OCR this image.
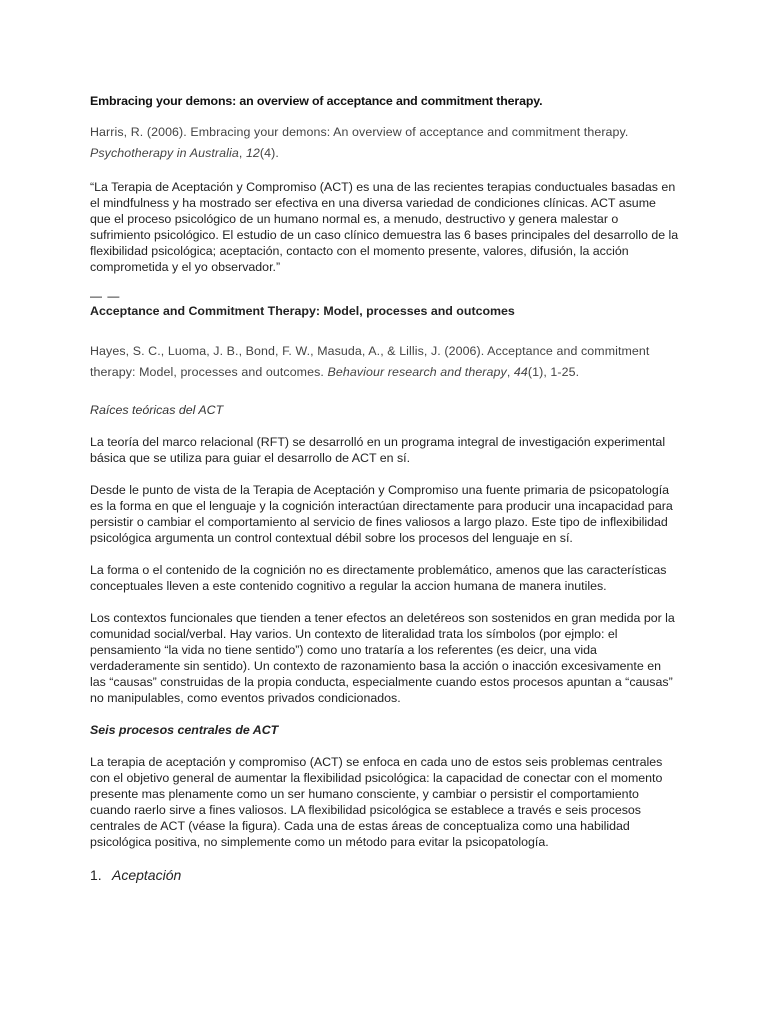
Embracing your demons: an overview of acceptance and commitment therapy.

Harris, R. (2006). Embracing your demons: An overview of acceptance and commitment therapy. Psychotherapy in Australia, 12(4).

“La Terapia de Aceptación y Compromiso (ACT) es una de las recientes terapias conductuales basadas en el mindfulness y ha mostrado ser efectiva en una diversa variedad de condiciones clínicas. ACT asume que el proceso psicológico de un humano normal es, a menudo, destructivo y genera malestar o sufrimiento psicológico. El estudio de un caso clínico demuestra las 6 bases principales del desarrollo de la flexibilidad psicológica; aceptación, contacto con el momento presente, valores, difusión, la acción comprometida y el yo observador.”

— —
Acceptance and Commitment Therapy: Model, processes and outcomes

Hayes, S. C., Luoma, J. B., Bond, F. W., Masuda, A., & Lillis, J. (2006). Acceptance and commitment therapy: Model, processes and outcomes. Behaviour research and therapy, 44(1), 1-25.

Raíces teóricas del ACT

La teoría del marco relacional (RFT) se desarrolló en un programa integral de investigación experimental básica que se utiliza para guiar el desarrollo de ACT en sí.

Desde le punto de vista de la Terapia de Aceptación y Compromiso una fuente primaria de psicopatología es la forma en que el lenguaje y la cognición interactúan directamente para producir una incapacidad para persistir o cambiar el comportamiento al servicio de fines valiosos a largo plazo. Este tipo de inflexibilidad psicológica argumenta un control contextual débil sobre los procesos del lenguaje en sí.

La forma o el contenido de la cognición no es directamente problemático, amenos que las características conceptuales lleven a este contenido cognitivo a regular la accion humana de manera inutiles.

Los contextos funcionales que tienden a tener efectos an deletéreos son sostenidos en gran medida por la comunidad social/verbal. Hay varios. Un contexto de literalidad trata los símbolos (por ejmplo: el pensamiento “la vida no tiene sentido”) como uno trataría a los referentes (es deicr, una vida verdaderamente sin sentido). Un contexto de razonamiento basa la acción o inacción excesivamente en las “causas” construidas de la propia conducta, especialmente cuando estos procesos apuntan a “causas” no manipulables, como eventos privados condicionados.

Seis procesos centrales de ACT

La terapia de aceptación y compromiso (ACT) se enfoca en cada uno de estos seis problemas centrales con el objetivo general de aumentar la flexibilidad psicológica: la capacidad de conectar con el momento presente mas plenamente como un ser humano consciente, y cambiar o persistir el comportamiento cuando raerlo sirve a fines valiosos. LA flexibilidad psicológica se establece a través e seis procesos centrales de ACT (véase la figura). Cada una de estas áreas de conceptualiza como una habilidad psicológica positiva, no simplemente como un método para evitar la psicopatología.

1. Aceptación
